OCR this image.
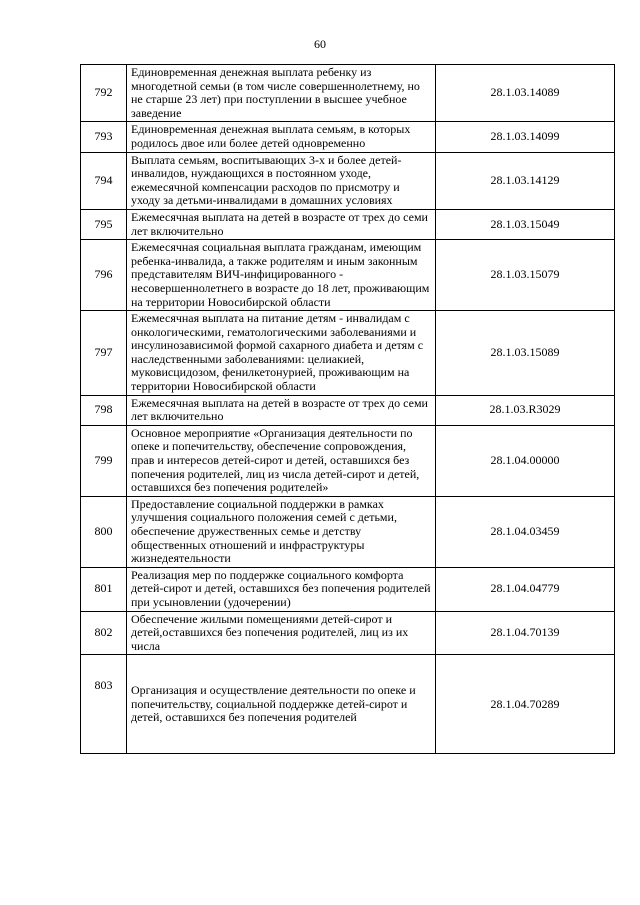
60
792	Единовременная денежная выплата ребенку из многодетной семьи (в том числе совершеннолетнему, но не старше 23 лет) при поступлении в высшее учебное заведение	28.1.03.14089
793	Единовременная денежная выплата семьям, в которых родилось двое или более детей одновременно	28.1.03.14099
794	Выплата семьям, воспитывающих 3-х и более детей-инвалидов, нуждающихся в постоянном уходе, ежемесячной компенсации расходов по присмотру и уходу за детьми-инвалидами в домашних условиях	28.1.03.14129
795	Ежемесячная выплата на детей в возрасте от трех до семи лет включительно	28.1.03.15049
796	Ежемесячная социальная выплата гражданам, имеющим ребенка-инвалида, а также родителям и иным законным представителям ВИЧ-инфицированного - несовершеннолетнего в возрасте до 18 лет, проживающим на территории Новосибирской области	28.1.03.15079
797	Ежемесячная выплата на питание детям - инвалидам с онкологическими, гематологическими заболеваниями и инсулинозависимой формой сахарного диабета и детям с наследственными заболеваниями: целиакией, муковисцидозом, фенилкетонурией, проживающим на территории Новосибирской области	28.1.03.15089
798	Ежемесячная выплата на детей в возрасте от трех до семи лет включительно	28.1.03.R3029
799	Основное мероприятие «Организация деятельности по опеке и попечительству, обеспечение сопровождения, прав и интересов детей-сирот и детей, оставшихся без попечения родителей, лиц из числа детей-сирот и детей, оставшихся без попечения родителей»	28.1.04.00000
800	Предоставление социальной поддержки в рамках улучшения социального положения семей с детьми, обеспечение дружественных семье и детству общественных отношений и инфраструктуры жизнедеятельности	28.1.04.03459
801	Реализация мер по поддержке социального комфорта детей-сирот и детей, оставшихся без попечения родителей при усыновлении (удочерении)	28.1.04.04779
802	Обеспечение жилыми помещениями детей-сирот и детей,оставшихся без попечения родителей, лиц из их числа	28.1.04.70139
803	Организация и осуществление деятельности по опеке и попечительству, социальной поддержке детей-сирот и детей, оставшихся без попечения родителей	28.1.04.70289
